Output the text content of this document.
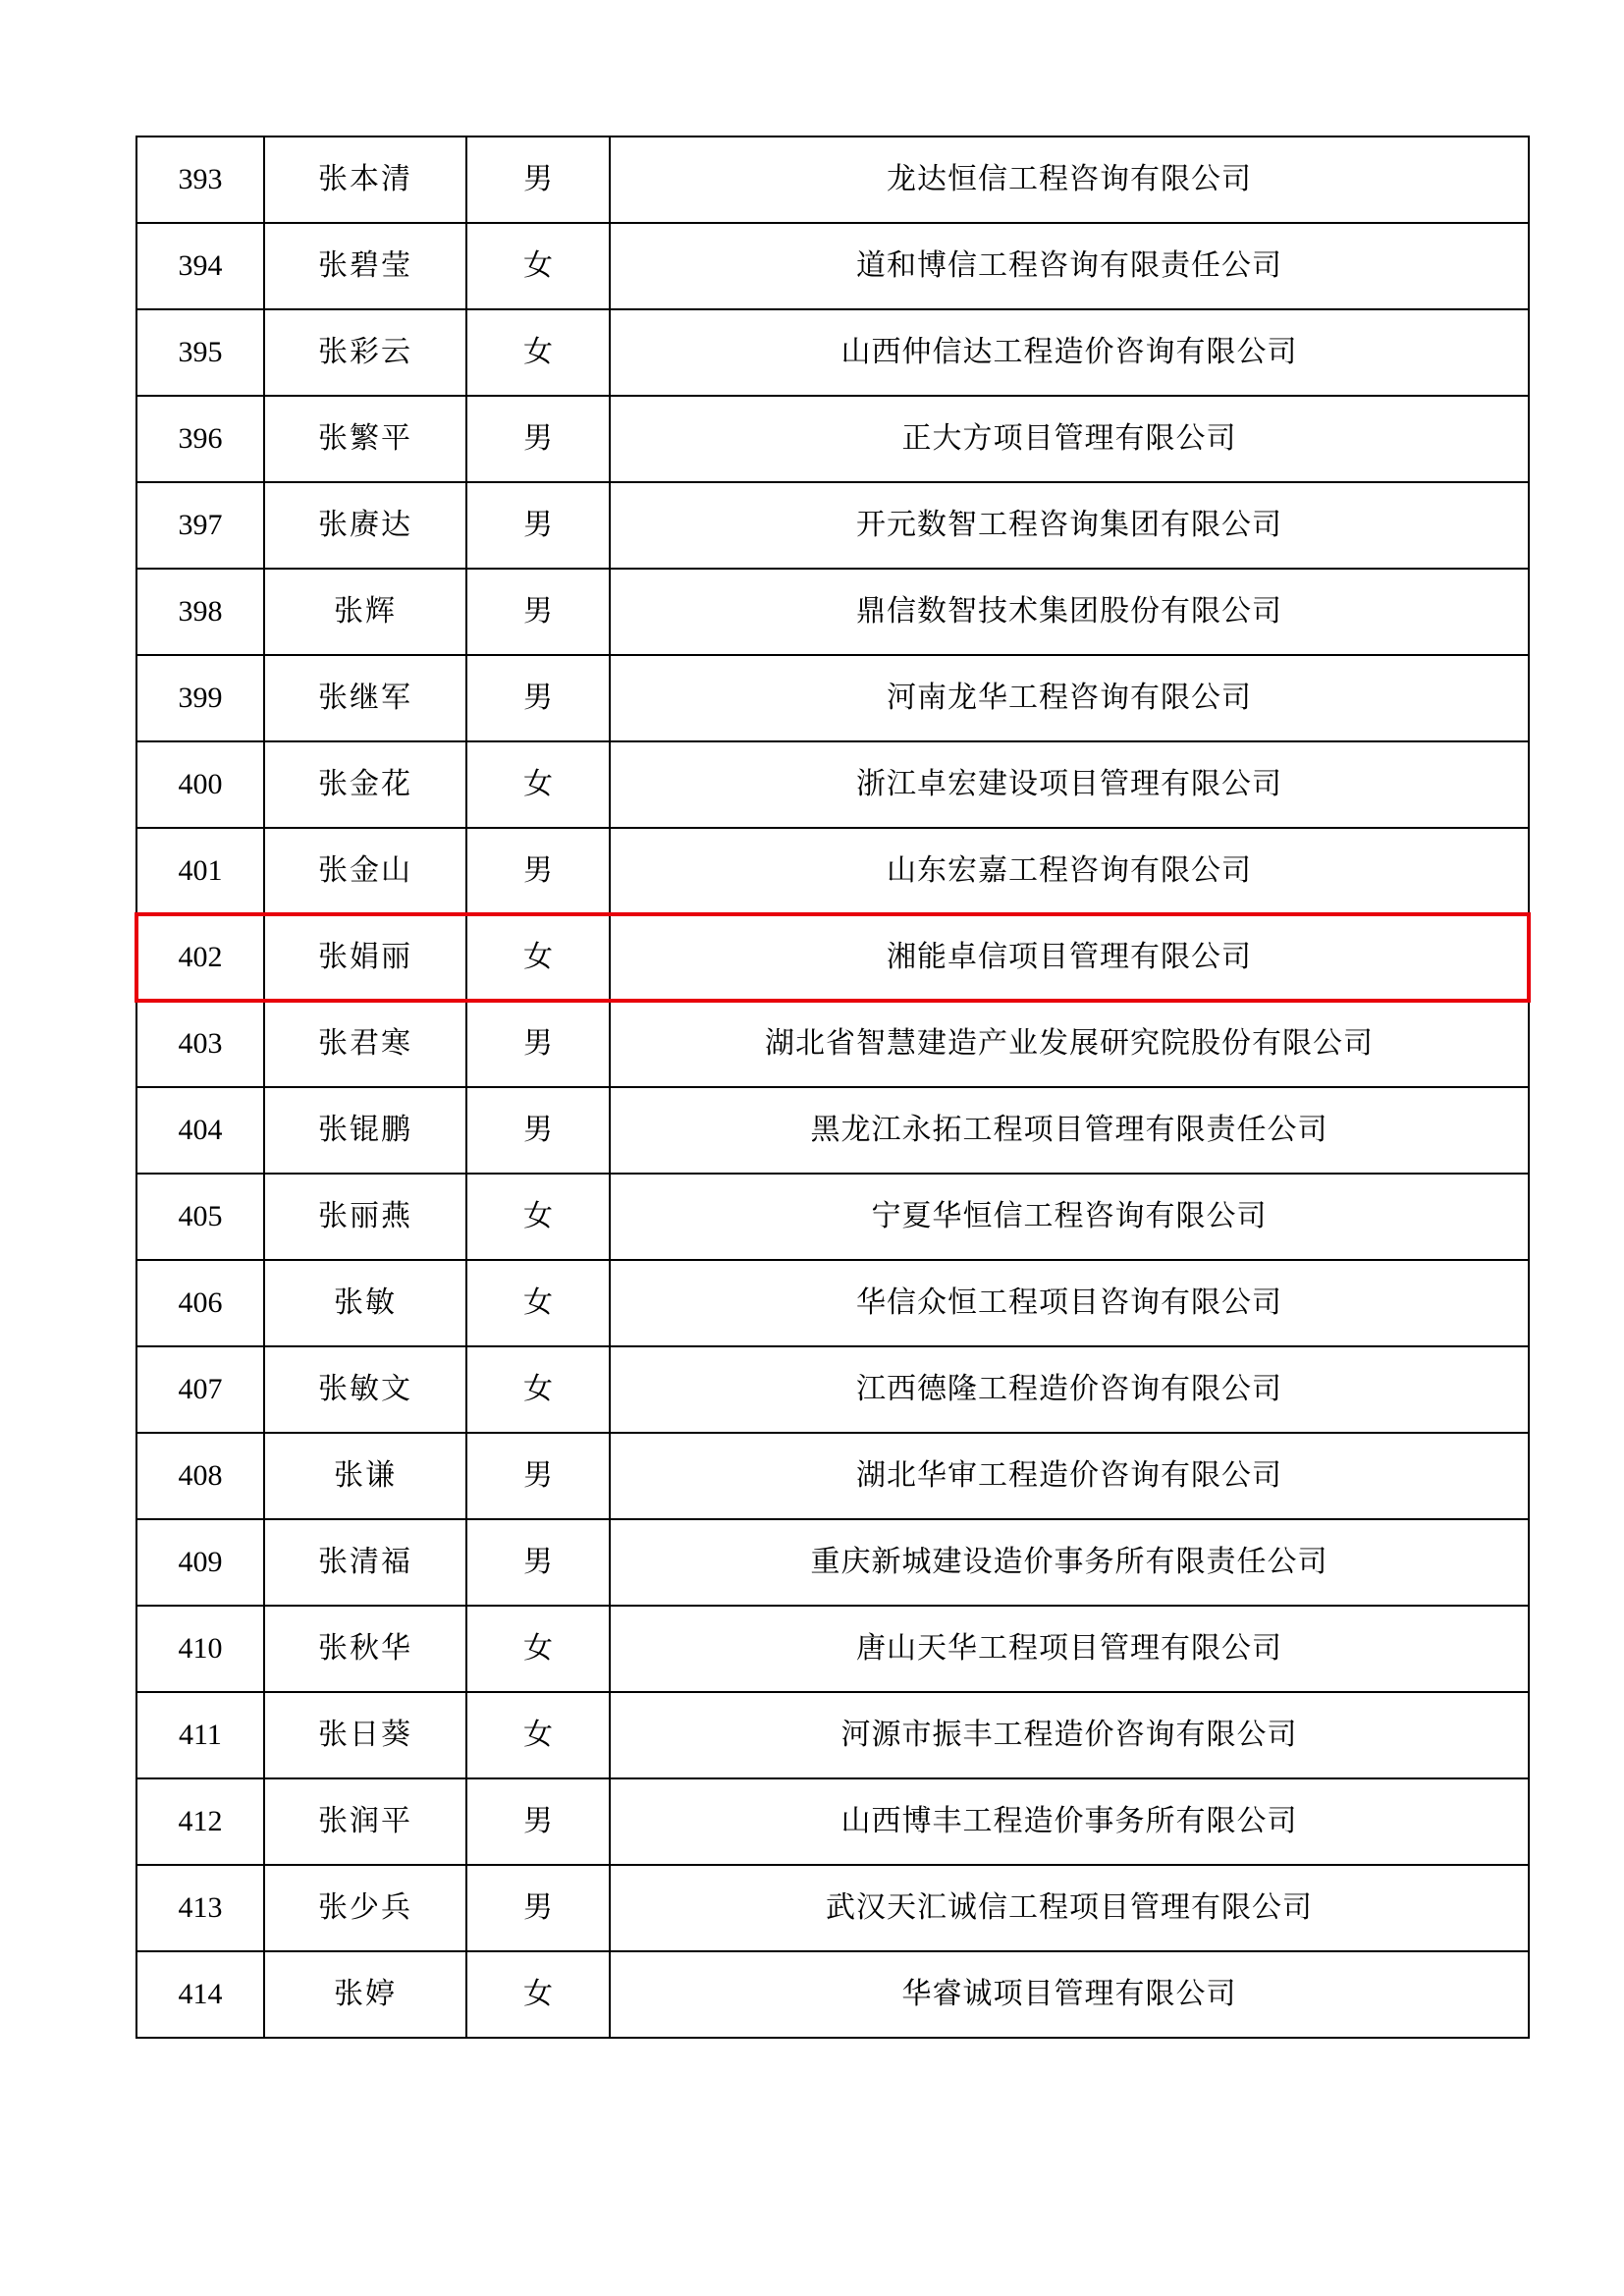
393	张本清	男	龙达恒信工程咨询有限公司
394	张碧莹	女	道和博信工程咨询有限责任公司
395	张彩云	女	山西仲信达工程造价咨询有限公司
396	张繁平	男	正大方项目管理有限公司
397	张赓达	男	开元数智工程咨询集团有限公司
398	张辉	男	鼎信数智技术集团股份有限公司
399	张继军	男	河南龙华工程咨询有限公司
400	张金花	女	浙江卓宏建设项目管理有限公司
401	张金山	男	山东宏嘉工程咨询有限公司
402	张娟丽	女	湘能卓信项目管理有限公司
403	张君寒	男	湖北省智慧建造产业发展研究院股份有限公司
404	张锟鹏	男	黑龙江永拓工程项目管理有限责任公司
405	张丽燕	女	宁夏华恒信工程咨询有限公司
406	张敏	女	华信众恒工程项目咨询有限公司
407	张敏文	女	江西德隆工程造价咨询有限公司
408	张谦	男	湖北华审工程造价咨询有限公司
409	张清福	男	重庆新城建设造价事务所有限责任公司
410	张秋华	女	唐山天华工程项目管理有限公司
411	张日葵	女	河源市振丰工程造价咨询有限公司
412	张润平	男	山西博丰工程造价事务所有限公司
413	张少兵	男	武汉天汇诚信工程项目管理有限公司
414	张婷	女	华睿诚项目管理有限公司
